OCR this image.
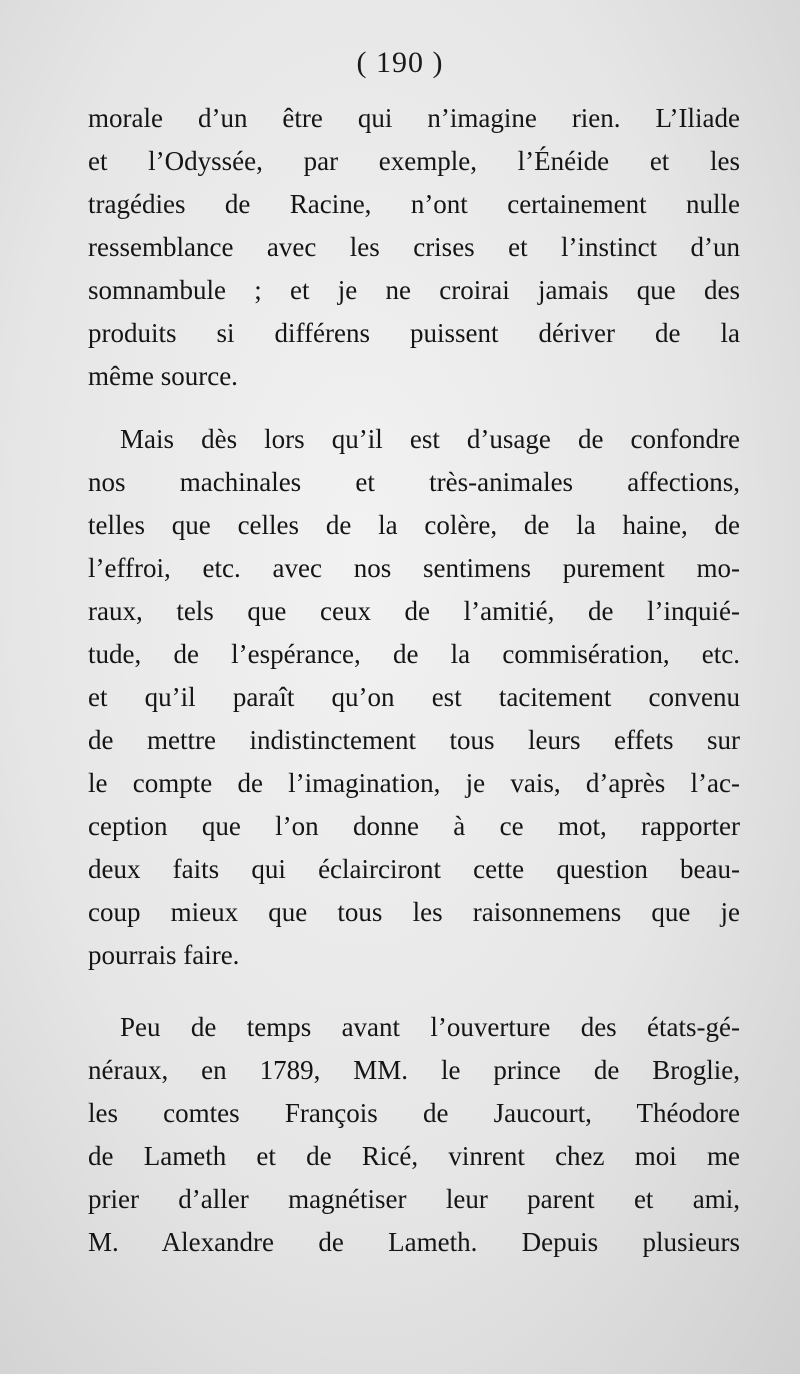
( 190 )
morale d’un être qui n’imagine rien. L’Iliade
et l’Odyssée, par exemple, l’Énéide et les
tragédies de Racine, n’ont certainement nulle
ressemblance avec les crises et l’instinct d’un
somnambule ; et je ne croirai jamais que des
produits si différens puissent dériver de la
même source.
Mais dès lors qu’il est d’usage de confondre
nos machinales et très-animales affections,
telles que celles de la colère, de la haine, de
l’effroi, etc. avec nos sentimens purement mo-
raux, tels que ceux de l’amitié, de l’inquié-
tude, de l’espérance, de la commisération, etc.
et qu’il paraît qu’on est tacitement convenu
de mettre indistinctement tous leurs effets sur
le compte de l’imagination, je vais, d’après l’ac-
ception que l’on donne à ce mot, rapporter
deux faits qui éclairciront cette question beau-
coup mieux que tous les raisonnemens que je
pourrais faire.
Peu de temps avant l’ouverture des états-gé-
néraux, en 1789, MM. le prince de Broglie,
les comtes François de Jaucourt, Théodore
de Lameth et de Ricé, vinrent chez moi me
prier d’aller magnétiser leur parent et ami,
M. Alexandre de Lameth. Depuis plusieurs
